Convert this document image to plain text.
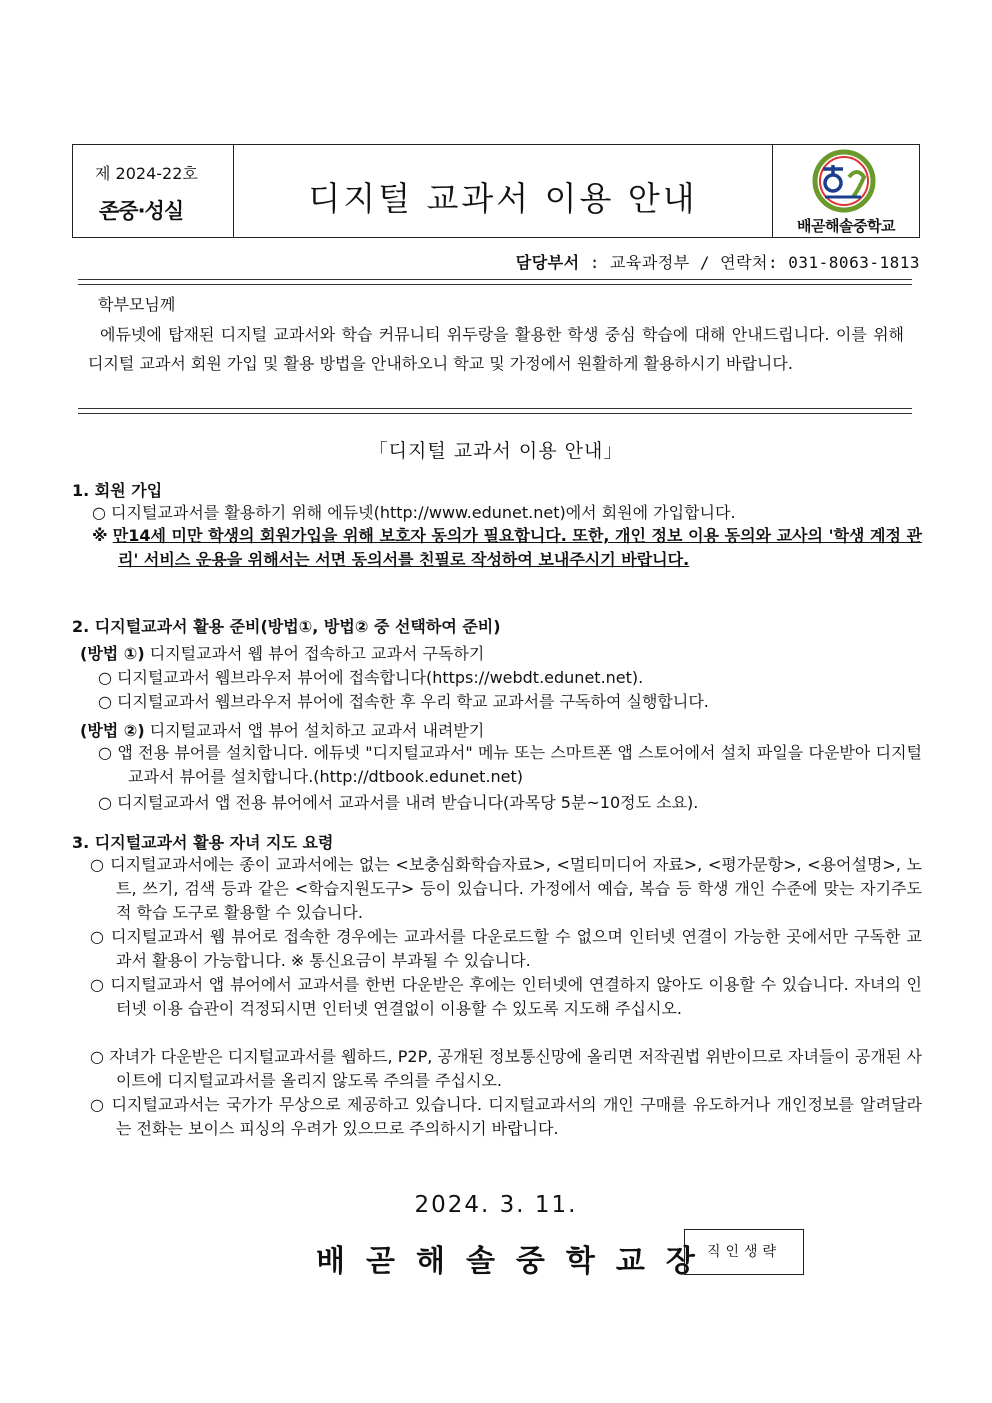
제 2024-22호
존중·성실	디지털 교과서 이용 안내
배곧해솔중학교
담당부서 : 교육과정부 / 연락처: 031-8063-1813
학부모님께
에듀넷에 탑재된 디지털 교과서와 학습 커뮤니티 위두랑을 활용한 학생 중심 학습에 대해 안내드립니다. 이를 위해 디지털 교과서 회원 가입 및 활용 방법을 안내하오니 학교 및 가정에서 원활하게 활용하시기 바랍니다.
「디지털 교과서 이용 안내」
1. 회원 가입
○ 디지털교과서를 활용하기 위해 에듀넷(http://www.edunet.net)에서 회원에 가입합니다.
※ 만14세 미만 학생의 회원가입을 위해 보호자 동의가 필요합니다. 또한, 개인 정보 이용 동의와 교사의 '학생 계정 관리' 서비스 운용을 위해서는 서면 동의서를 친필로 작성하여 보내주시기 바랍니다.
2. 디지털교과서 활용 준비(방법①, 방법② 중 선택하여 준비)
(방법 ①) 디지털교과서 웹 뷰어 접속하고 교과서 구독하기
○ 디지털교과서 웹브라우저 뷰어에 접속합니다(https://webdt.edunet.net).
○ 디지털교과서 웹브라우저 뷰어에 접속한 후 우리 학교 교과서를 구독하여 실행합니다.
(방법 ②) 디지털교과서 앱 뷰어 설치하고 교과서 내려받기
○ 앱 전용 뷰어를 설치합니다. 에듀넷 "디지털교과서" 메뉴 또는 스마트폰 앱 스토어에서 설치 파일을 다운받아 디지털교과서 뷰어를 설치합니다.(http://dtbook.edunet.net)
○ 디지털교과서 앱 전용 뷰어에서 교과서를 내려 받습니다(과목당 5분~10정도 소요).
3. 디지털교과서 활용 자녀 지도 요령
○ 디지털교과서에는 종이 교과서에는 없는 <보충심화학습자료>, <멀티미디어 자료>, <평가문항>, <용어설명>, 노트, 쓰기, 검색 등과 같은 <학습지원도구> 등이 있습니다. 가정에서 예습, 복습 등 학생 개인 수준에 맞는 자기주도적 학습 도구로 활용할 수 있습니다.
○ 디지털교과서 웹 뷰어로 접속한 경우에는 교과서를 다운로드할 수 없으며 인터넷 연결이 가능한 곳에서만 구독한 교과서 활용이 가능합니다. ※ 통신요금이 부과될 수 있습니다.
○ 디지털교과서 앱 뷰어에서 교과서를 한번 다운받은 후에는 인터넷에 연결하지 않아도 이용할 수 있습니다. 자녀의 인터넷 이용 습관이 걱정되시면 인터넷 연결없이 이용할 수 있도록 지도해 주십시오.
○ 자녀가 다운받은 디지털교과서를 웹하드, P2P, 공개된 정보통신망에 올리면 저작권법 위반이므로 자녀들이 공개된 사이트에 디지털교과서를 올리지 않도록 주의를 주십시오.
○ 디지털교과서는 국가가 무상으로 제공하고 있습니다. 디지털교과서의 개인 구매를 유도하거나 개인정보를 알려달라는 전화는 보이스 피싱의 우려가 있으므로 주의하시기 바랍니다.
2024. 3. 11.
배곧해솔중학교장
직인생략
